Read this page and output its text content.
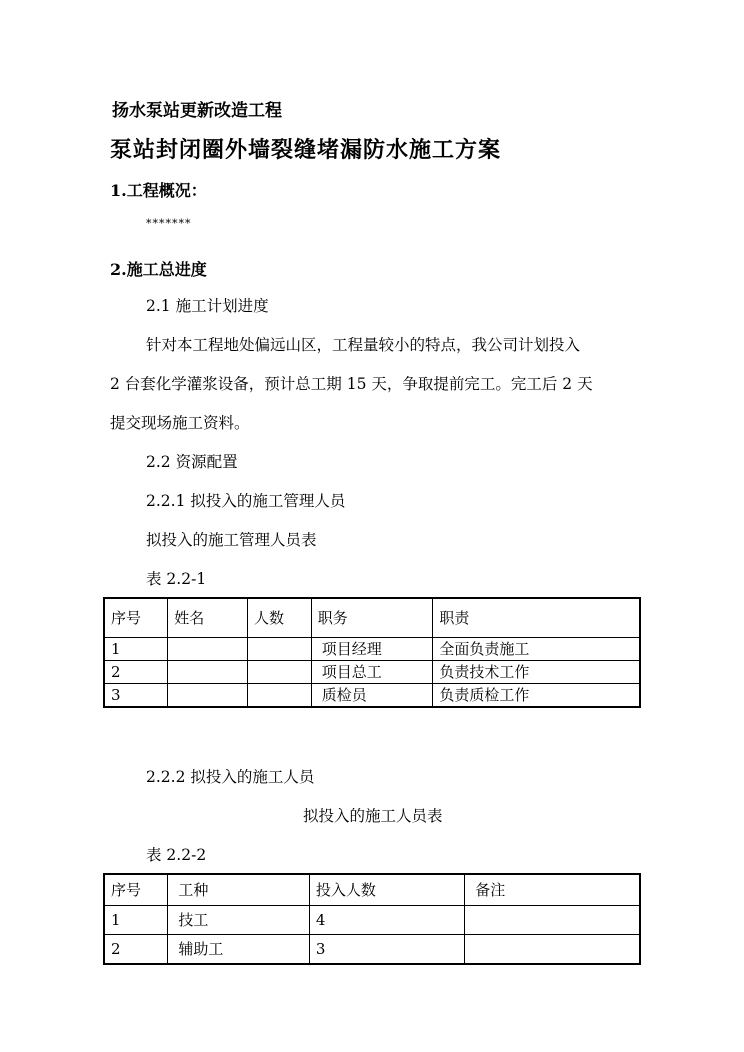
扬水泵站更新改造工程
泵站封闭圈外墙裂缝堵漏防水施工方案
1.工程概况：
*******
2.施工总进度
2.1 施工计划进度
针对本工程地处偏远山区，工程量较小的特点，我公司计划投入
2 台套化学灌浆设备，预计总工期 15 天，争取提前完工。完工后 2 天
提交现场施工资料。
2.2 资源配置
2.2.1 拟投入的施工管理人员
拟投入的施工管理人员表
表 2.2-1
序号	姓名	人数	职务	职责
1			项目经理	全面负责施工
2			项目总工	负责技术工作
3			质检员	负责质检工作
2.2.2 拟投入的施工人员
拟投入的施工人员表
表 2.2-2
序号	工种	投入人数	备注
1	技工	4	
2	辅助工	3	
